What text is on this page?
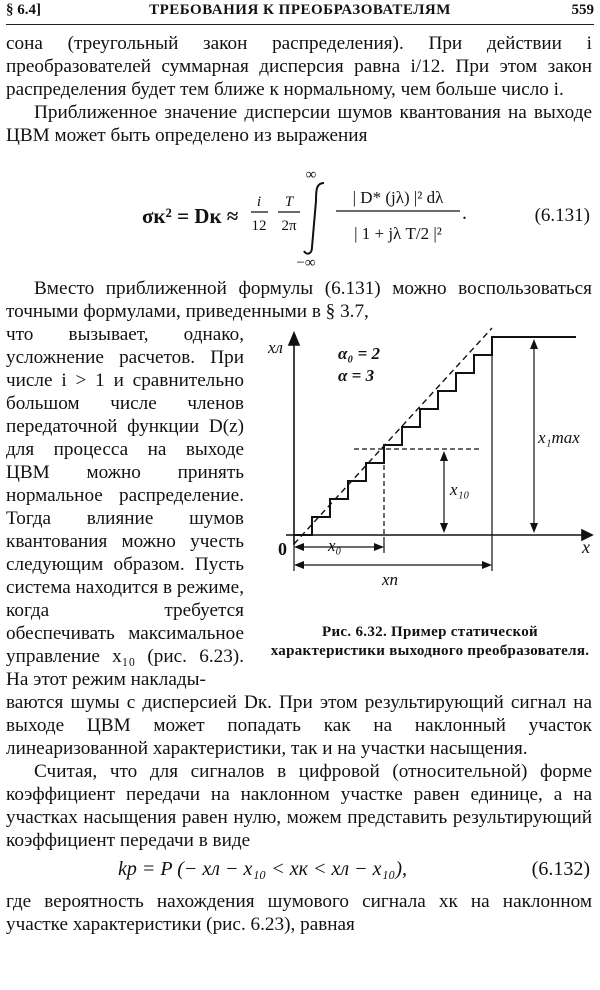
§ 6.4]	ТРЕБОВАНИЯ К ПРЕОБРАЗОВАТЕЛЯМ	559

сона (треугольный закон распределения). При действии i преобразователей суммарная дисперсия равна i/12. При этом закон распределения будет тем ближе к нормальному, чем больше число i.

Приближенное значение дисперсии шумов квантования на выходе ЦВМ может быть определено из выражения

σк² = Dк ≈
i
12
T
2π
∞
−∞
| D* (jλ) |² dλ
| 1 + jλ T/2 |²
.	(6.131)

Вместо приближенной формулы (6.131) можно воспользоваться точными формулами, приведенными в § 3.7,

что вызывает, однако, усложнение расчетов. При числе i > 1 и сравнительно большом числе членов передаточной функции D(z) для процесса на выходе ЦВМ можно принять нормальное распределение. Тогда влияние шумов квантования можно учесть следующим образом. Пусть система находится в режиме, когда требуется обеспечивать максимальное управление x₁₀ (рис. 6.23). На этот режим наклады-

xл
x
0
α₀ = 2
α = 3
x₀
xп
x₁₀
x₁max
Рис. 6.32. Пример статической характеристики выходного преобразователя.

ваются шумы с дисперсией Dк. При этом результирующий сигнал на выходе ЦВМ может попадать как на наклонный участок линеаризованной характеристики, так и на участки насыщения.

Считая, что для сигналов в цифровой (относительной) форме коэффициент передачи на наклонном участке равен единице, а на участках насыщения равен нулю, можем представить результирующий коэффициент передачи в виде

kр = P (− xл − x₁₀ < xк < xл − x₁₀),	(6.132)

где вероятность нахождения шумового сигнала xк на наклонном участке характеристики (рис. 6.23), равная
